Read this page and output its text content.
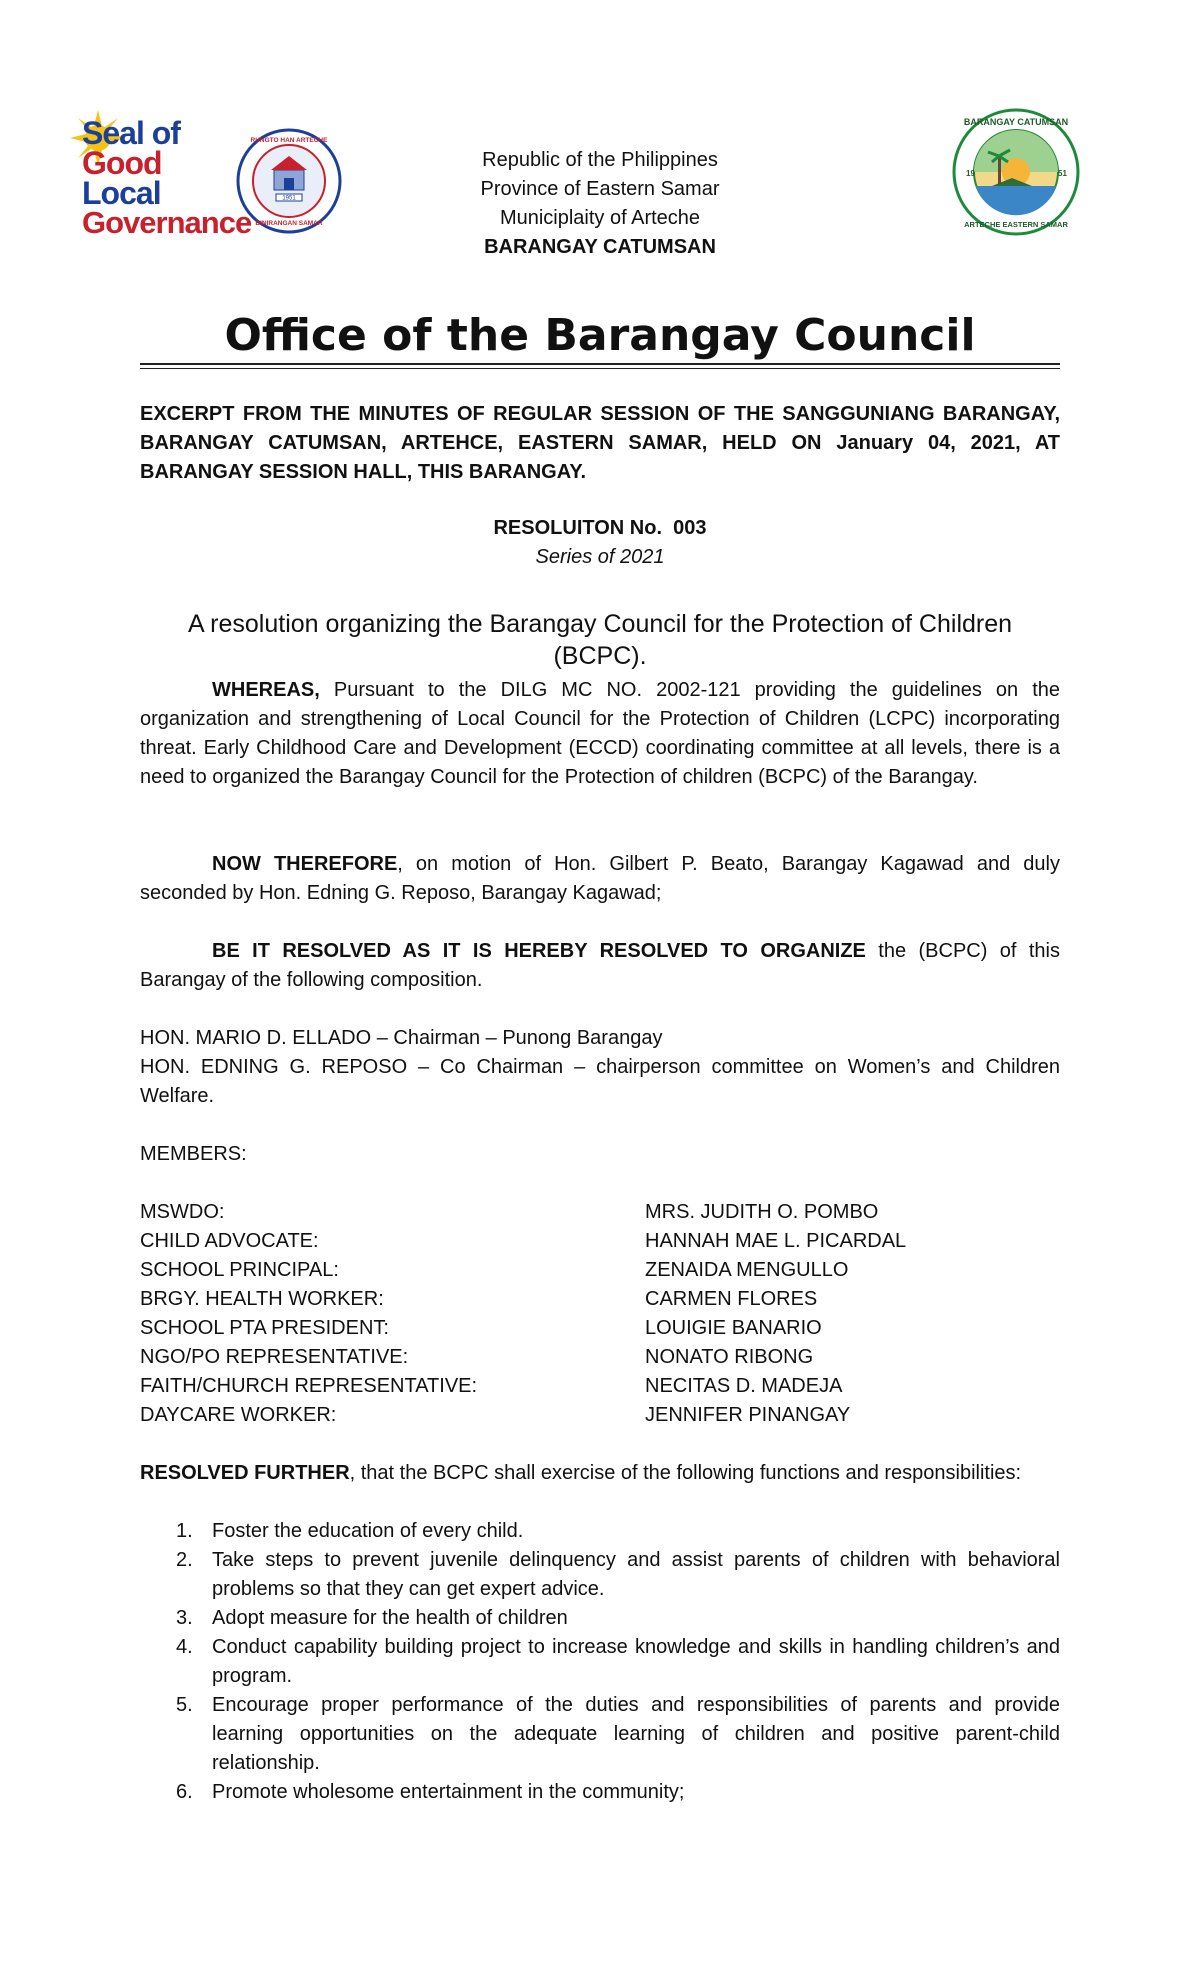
Seal of
Good
Local
Governance
1951
RUNGTO HAN ARTECHE
BINIRANGAN SAMAR
BARANGAY CATUMSAN
ARTECHE EASTERN SAMAR
19	51
Republic of the Philippines
Province of Eastern Samar
Municiplaity of Arteche
BARANGAY CATUMSAN
Office of the Barangay Council
EXCERPT FROM THE MINUTES OF REGULAR SESSION OF THE SANGGUNIANG BARANGAY, BARANGAY CATUMSAN, ARTEHCE, EASTERN SAMAR, HELD ON January 04, 2021, AT BARANGAY SESSION HALL, THIS BARANGAY.
RESOLUITON No.  003
Series of 2021
A resolution organizing the Barangay Council for the Protection of Children (BCPC).
WHEREAS, Pursuant to the DILG MC NO. 2002-121 providing the guidelines on the organization and strengthening of Local Council for the Protection of Children (LCPC) incorporating threat. Early Childhood Care and Development (ECCD) coordinating committee at all levels, there is a need to organized the Barangay Council for the Protection of children (BCPC) of the Barangay.
NOW THEREFORE, on motion of Hon. Gilbert P. Beato, Barangay Kagawad and duly seconded by Hon. Edning G. Reposo, Barangay Kagawad;
BE IT RESOLVED AS IT IS HEREBY RESOLVED TO ORGANIZE the (BCPC) of this Barangay of the following composition.
HON. MARIO D. ELLADO – Chairman – Punong Barangay
HON. EDNING G. REPOSO – Co Chairman – chairperson committee on Women’s and Children Welfare.
MEMBERS:
MSWDO:	MRS. JUDITH O. POMBO
CHILD ADVOCATE:	HANNAH MAE L. PICARDAL
SCHOOL PRINCIPAL:	ZENAIDA MENGULLO
BRGY. HEALTH WORKER:	CARMEN FLORES
SCHOOL PTA PRESIDENT:	LOUIGIE BANARIO
NGO/PO REPRESENTATIVE:	NONATO RIBONG
FAITH/CHURCH REPRESENTATIVE:	NECITAS D. MADEJA
DAYCARE WORKER:	JENNIFER PINANGAY
RESOLVED FURTHER, that the BCPC shall exercise of the following functions and responsibilities:
1. Foster the education of every child.
2. Take steps to prevent juvenile delinquency and assist parents of children with behavioral problems so that they can get expert advice.
3. Adopt measure for the health of children
4. Conduct capability building project to increase knowledge and skills in handling children’s and program.
5. Encourage proper performance of the duties and responsibilities of parents and provide learning opportunities on the adequate learning of children and positive parent-child relationship.
6. Promote wholesome entertainment in the community;
